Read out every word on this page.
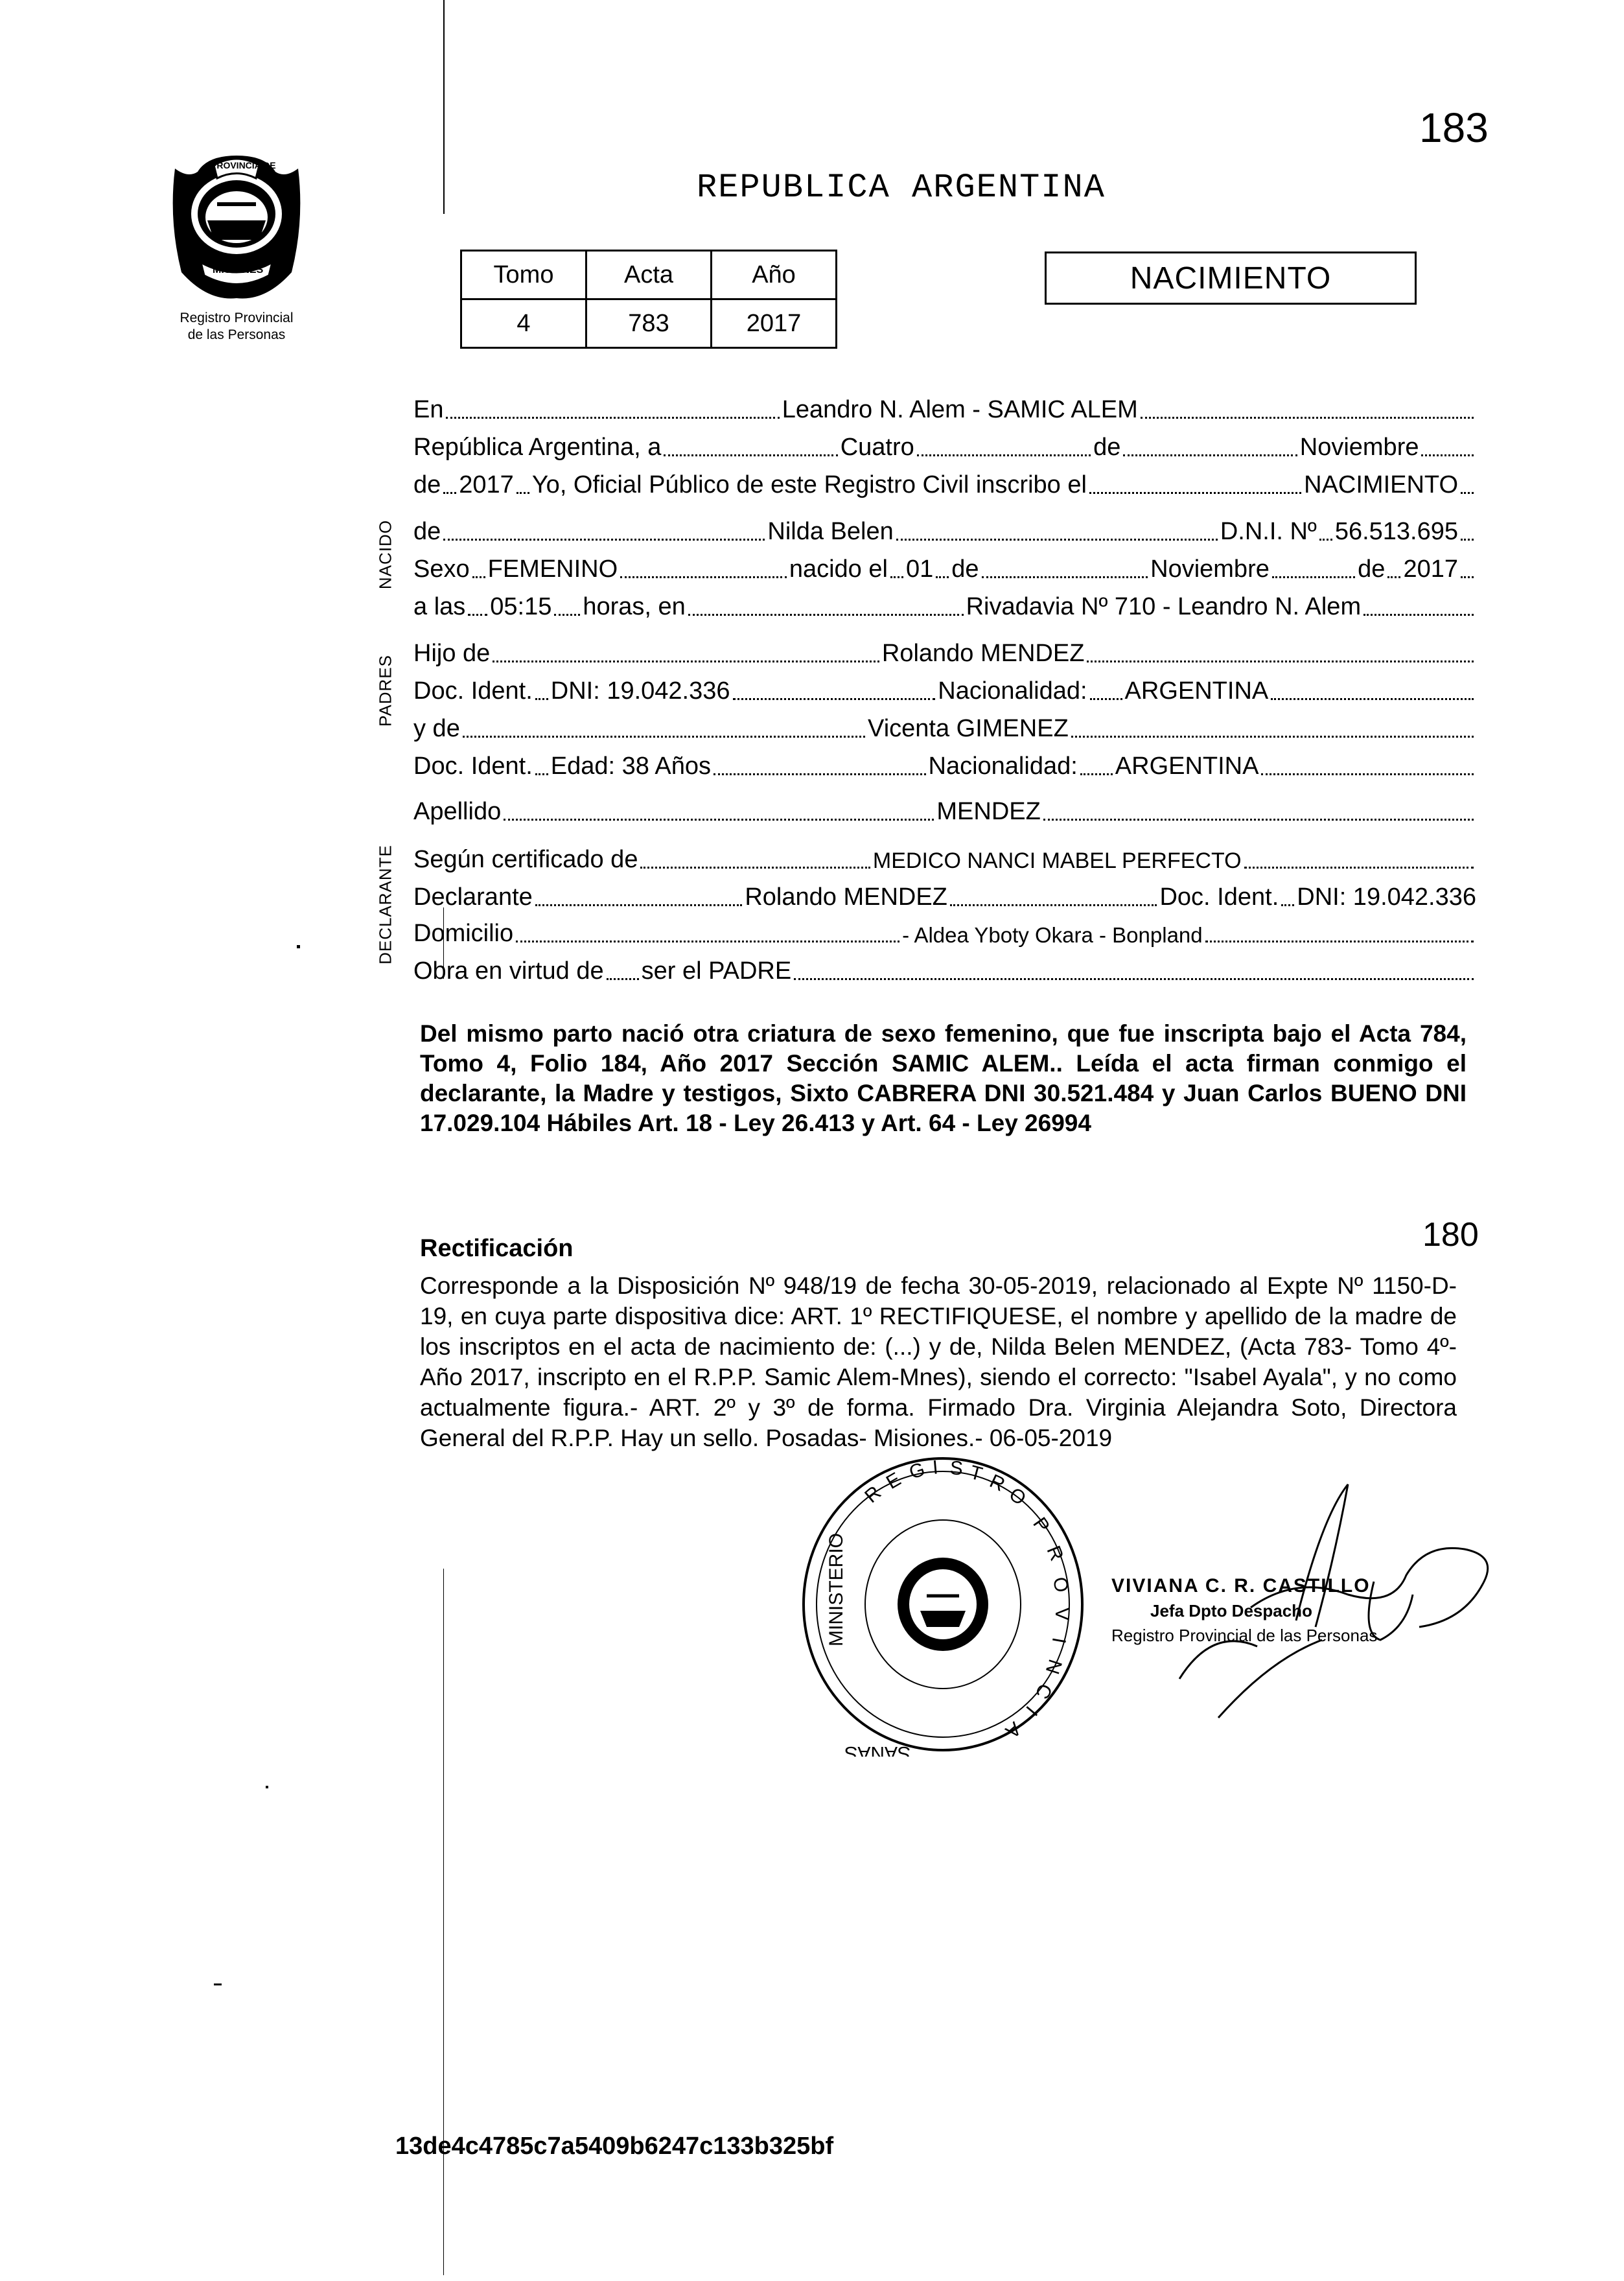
183
PROVINCIA DE
MISIONES
Registro Provincial
de las Personas
REPUBLICA ARGENTINA
Tomo	Acta	Año
4	783	2017
NACIMIENTO
NACIDO
PADRES
DECLARANTE
En	Leandro N. Alem - SAMIC ALEM
República Argentina, a	Cuatro	de	Noviembre
de 2017 Yo, Oficial Público de este Registro Civil inscribo el	NACIMIENTO
de	Nilda Belen	D.N.I. Nº 56.513.695
Sexo FEMENINO	nacido el 01 de	Noviembre	de 2017
a las 05:15 horas, en	Rivadavia Nº 710 - Leandro N. Alem
Hijo de	Rolando MENDEZ
Doc. Ident. DNI: 19.042.336	Nacionalidad: ARGENTINA
y de	Vicenta GIMENEZ
Doc. Ident. Edad: 38 Años	Nacionalidad: ARGENTINA
Apellido	MENDEZ
Según certificado de	MEDICO NANCI MABEL PERFECTO
Declarante	Rolando MENDEZ	Doc. Ident. DNI: 19.042.336
Domicilio	- Aldea Yboty Okara - Bonpland
Obra en virtud de ser el PADRE
Del mismo parto nació otra criatura de sexo femenino, que fue inscripta bajo el Acta 784, Tomo 4, Folio 184, Año 2017 Sección SAMIC ALEM.. Leída el acta firman conmigo el declarante, la Madre y testigos, Sixto CABRERA DNI 30.521.484 y Juan Carlos BUENO DNI 17.029.104 Hábiles Art. 18 - Ley 26.413 y Art. 64 - Ley 26994
Rectificación	180
Corresponde a la Disposición Nº 948/19 de fecha 30-05-2019, relacionado al Expte Nº 1150-D-19, en cuya parte dispositiva dice: ART. 1º RECTIFIQUESE, el nombre y apellido de la madre de los inscriptos en el acta de nacimiento de: (...) y de, Nilda Belen MENDEZ, (Acta 783- Tomo 4º- Año 2017, inscripto en el R.P.P. Samic Alem-Mnes), siendo el correcto: "Isabel Ayala", y no como actualmente figura.- ART. 2º y 3º de forma. Firmado Dra. Virginia Alejandra Soto, Directora General del R.P.P. Hay un sello. Posadas- Misiones.- 06-05-2019
R
E G I S T R
O
P
R
O
V
I
N
C
I
A
MINISTERIO
SANAS
VIVIANA C. R. CASTILLO
Jefa Dpto Despacho
Registro Provincial de las Personas
13de4c4785c7a5409b6247c133b325bf
